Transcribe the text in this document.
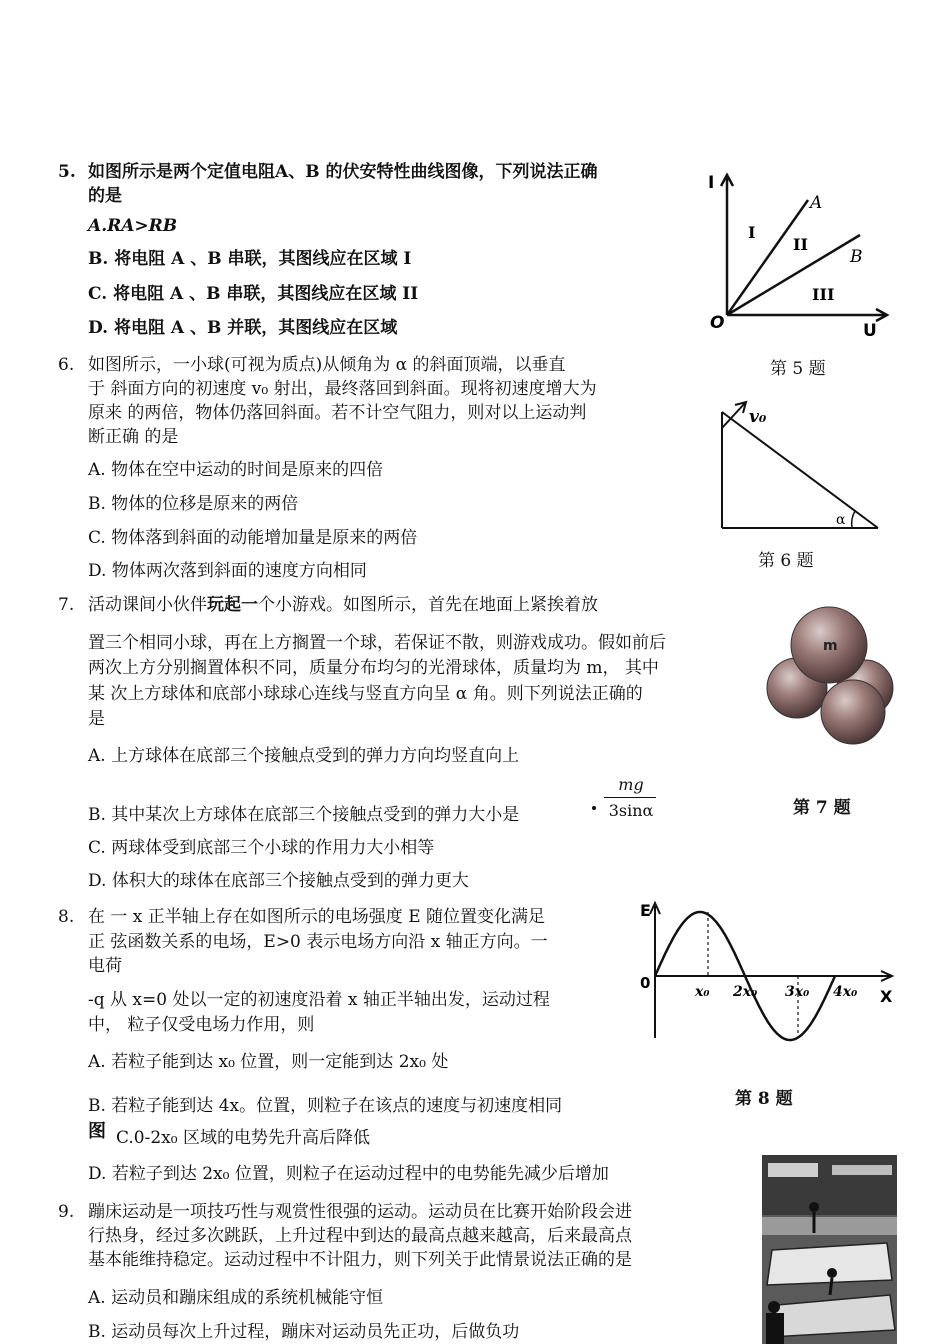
5. 如图所示是两个定值电阻A、B 的伏安特性曲线图像，下列说法正确
的是
A.RA>RB
B. 将电阻 A 、B 串联，其图线应在区域 I
C. 将电阻 A 、B 串联，其图线应在区域 II
D. 将电阻 A 、B 并联，其图线应在区域
I
U
O
A
B
I
II
III
第 5 题
6. 如图所示，一小球(可视为质点)从倾角为 α 的斜面顶端，以垂直
于 斜面方向的初速度 v₀ 射出，最终落回到斜面。现将初速度增大为
原来 的两倍，物体仍落回斜面。若不计空气阻力，则对以上运动判
断正确 的是
A. 物体在空中运动的时间是原来的四倍
B. 物体的位移是原来的两倍
C. 物体落到斜面的动能增加量是原来的两倍
D. 物体两次落到斜面的速度方向相同
v₀
α
第 6 题
7. 活动课间小伙伴玩起一个小游戏。如图所示，首先在地面上紧挨着放
置三个相同小球，再在上方搁置一个球，若保证不散，则游戏成功。假如前后
两次上方分别搁置体积不同，质量分布均匀的光滑球体，质量均为 m， 其中
某 次上方球体和底部小球球心连线与竖直方向呈 α 角。则下列说法正确的
是
A. 上方球体在底部三个接触点受到的弹力方向均竖直向上
B. 其中某次上方球体在底部三个接触点受到的弹力大小是
mg
3sinα
C. 两球体受到底部三个小球的作用力大小相等
D. 体积大的球体在底部三个接触点受到的弹力更大
m
第 7 题
8. 在 一 x 正半轴上存在如图所示的电场强度 E 随位置变化满足
正 弦函数关系的电场，E>0 表示电场方向沿 x 轴正方向。一
电荷
-q 从 x=0 处以一定的初速度沿着 x 轴正半轴出发，运动过程
中， 粒子仅受电场力作用，则
A. 若粒子能到达 x₀ 位置，则一定能到达 2x₀ 处
B. 若粒子能到达 4x。位置，则粒子在该点的速度与初速度相同
图 C.0-2x₀ 区域的电势先升高后降低
D. 若粒子到达 2x₀ 位置，则粒子在运动过程中的电势能先减少后增加
E
0
X
x₀ 2x₀ 3x₀ 4x₀
第 8 题
9. 蹦床运动是一项技巧性与观赏性很强的运动。运动员在比赛开始阶段会进
行热身，经过多次跳跃，上升过程中到达的最高点越来越高，后来最高点
基本能维持稳定。运动过程中不计阻力，则下列关于此情景说法正确的是
A. 运动员和蹦床组成的系统机械能守恒
B. 运动员每次上升过程，蹦床对运动员先正功，后做负功
